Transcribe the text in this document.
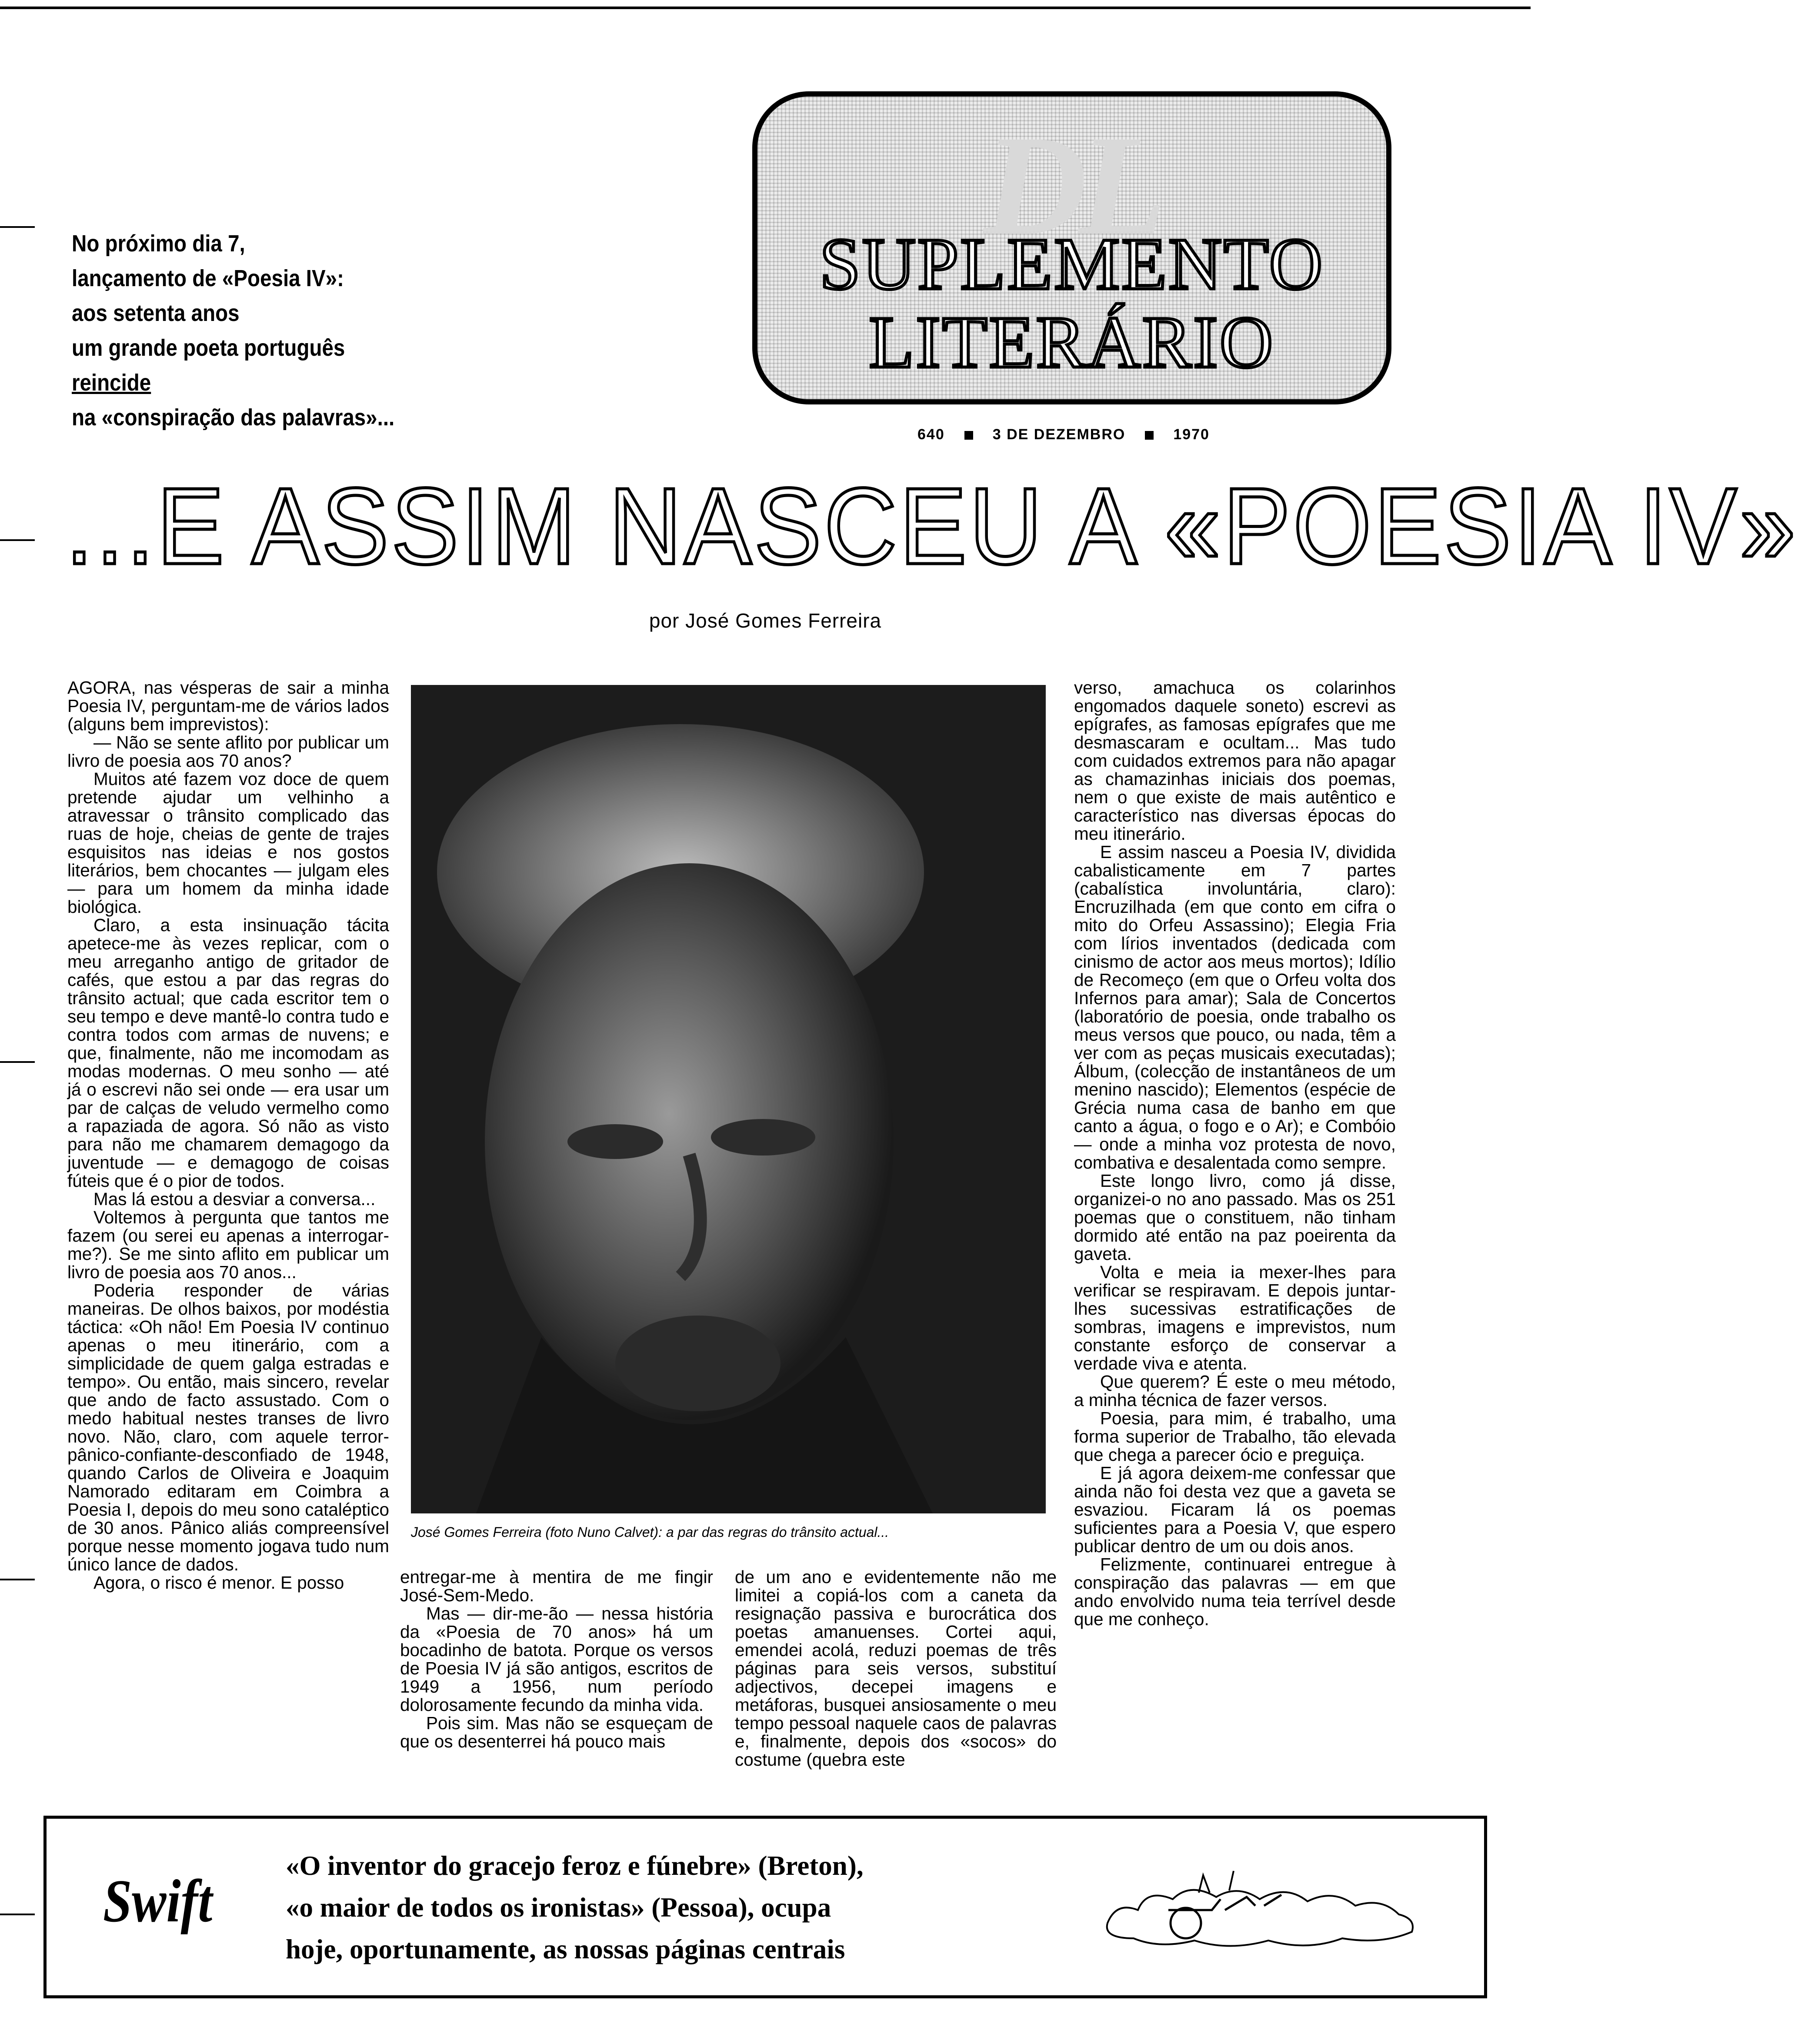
No próximo dia 7,
lançamento de «Poesia IV»:
aos setenta anos
um grande poeta português
reincide
na «conspiração das palavras»...
DL
SUPLEMENTO
LITERÁRIO
640	3 DE DEZEMBRO	1970
...E ASSIM NASCEU A «POESIA IV»
por José Gomes Ferreira

AGORA, nas vésperas de sair a minha Poesia IV, perguntam-me de vários lados (alguns bem imprevistos):

— Não se sente aflito por publicar um livro de poesia aos 70 anos?

Muitos até fazem voz doce de quem pretende ajudar um velhinho a atravessar o trânsito complicado das ruas de hoje, cheias de gente de trajes esquisitos nas ideias e nos gostos literários, bem chocantes — julgam eles — para um homem da minha idade biológica.

Claro, a esta insinuação tácita apetece-me às vezes replicar, com o meu arreganho antigo de gritador de cafés, que estou a par das regras do trânsito actual; que cada escritor tem o seu tempo e deve mantê-lo contra tudo e contra todos com armas de nuvens; e que, finalmente, não me incomodam as modas modernas. O meu sonho — até já o escrevi não sei onde — era usar um par de calças de veludo vermelho como a rapaziada de agora. Só não as visto para não me chamarem demagogo da juventude — e demagogo de coisas fúteis que é o pior de todos.

Mas lá estou a desviar a conversa...

Voltemos à pergunta que tantos me fazem (ou serei eu apenas a interrogar-me?). Se me sinto aflito em publicar um livro de poesia aos 70 anos...

Poderia responder de várias maneiras. De olhos baixos, por modéstia táctica: «Oh não! Em Poesia IV continuo apenas o meu itinerário, com a simplicidade de quem galga estradas e tempo». Ou então, mais sincero, revelar que ando de facto assustado. Com o medo habitual nestes transes de livro novo. Não, claro, com aquele terror-pânico-confiante-desconfiado de 1948, quando Carlos de Oliveira e Joaquim Namorado editaram em Coimbra a Poesia I, depois do meu sono cataléptico de 30 anos. Pânico aliás compreensível porque nesse momento jogava tudo num único lance de dados.

Agora, o risco é menor. E posso

José Gomes Ferreira (foto Nuno Calvet): a par das regras do trânsito actual...

entregar-me à mentira de me fingir José-Sem-Medo.

Mas — dir-me-ão — nessa história da «Poesia de 70 anos» há um bocadinho de batota. Porque os versos de Poesia IV já são antigos, escritos de 1949 a 1956, num período dolorosamente fecundo da minha vida.

Pois sim. Mas não se esqueçam de que os desenterrei há pouco mais

de um ano e evidentemente não me limitei a copiá-los com a caneta da resignação passiva e burocrática dos poetas amanuenses. Cortei aqui, emendei acolá, reduzi poemas de três páginas para seis versos, substituí adjectivos, decepei imagens e metáforas, busquei ansiosamente o meu tempo pessoal naquele caos de palavras e, finalmente, depois dos «socos» do costume (quebra este

verso, amachuca os colarinhos engomados daquele soneto) escrevi as epígrafes, as famosas epígrafes que me desmascaram e ocultam... Mas tudo com cuidados extremos para não apagar as chamazinhas iniciais dos poemas, nem o que existe de mais autêntico e característico nas diversas épocas do meu itinerário.

E assim nasceu a Poesia IV, dividida cabalisticamente em 7 partes (cabalística involuntária, claro): Encruzilhada (em que conto em cifra o mito do Orfeu Assassino); Elegia Fria com lírios inventados (dedicada com cinismo de actor aos meus mortos); Idílio de Recomeço (em que o Orfeu volta dos Infernos para amar); Sala de Concertos (laboratório de poesia, onde trabalho os meus versos que pouco, ou nada, têm a ver com as peças musicais executadas); Álbum, (colecção de instantâneos de um menino nascido); Elementos (espécie de Grécia numa casa de banho em que canto a água, o fogo e o Ar); e Combóio — onde a minha voz protesta de novo, combativa e desalentada como sempre.

Este longo livro, como já disse, organizei-o no ano passado. Mas os 251 poemas que o constituem, não tinham dormido até então na paz poeirenta da gaveta.

Volta e meia ia mexer-lhes para verificar se respiravam. E depois juntar-lhes sucessivas estratificações de sombras, imagens e imprevistos, num constante esforço de conservar a verdade viva e atenta.

Que querem? É este o meu método, a minha técnica de fazer versos.

Poesia, para mim, é trabalho, uma forma superior de Trabalho, tão elevada que chega a parecer ócio e preguiça.

E já agora deixem-me confessar que ainda não foi desta vez que a gaveta se esvaziou. Ficaram lá os poemas suficientes para a Poesia V, que espero publicar dentro de um ou dois anos.

Felizmente, continuarei entregue à conspiração das palavras — em que ando envolvido numa teia terrível desde que me conheço.

Swift
«O inventor do gracejo feroz e fúnebre» (Breton),
«o maior de todos os ironistas» (Pessoa), ocupa
hoje, oportunamente, as nossas páginas centrais
